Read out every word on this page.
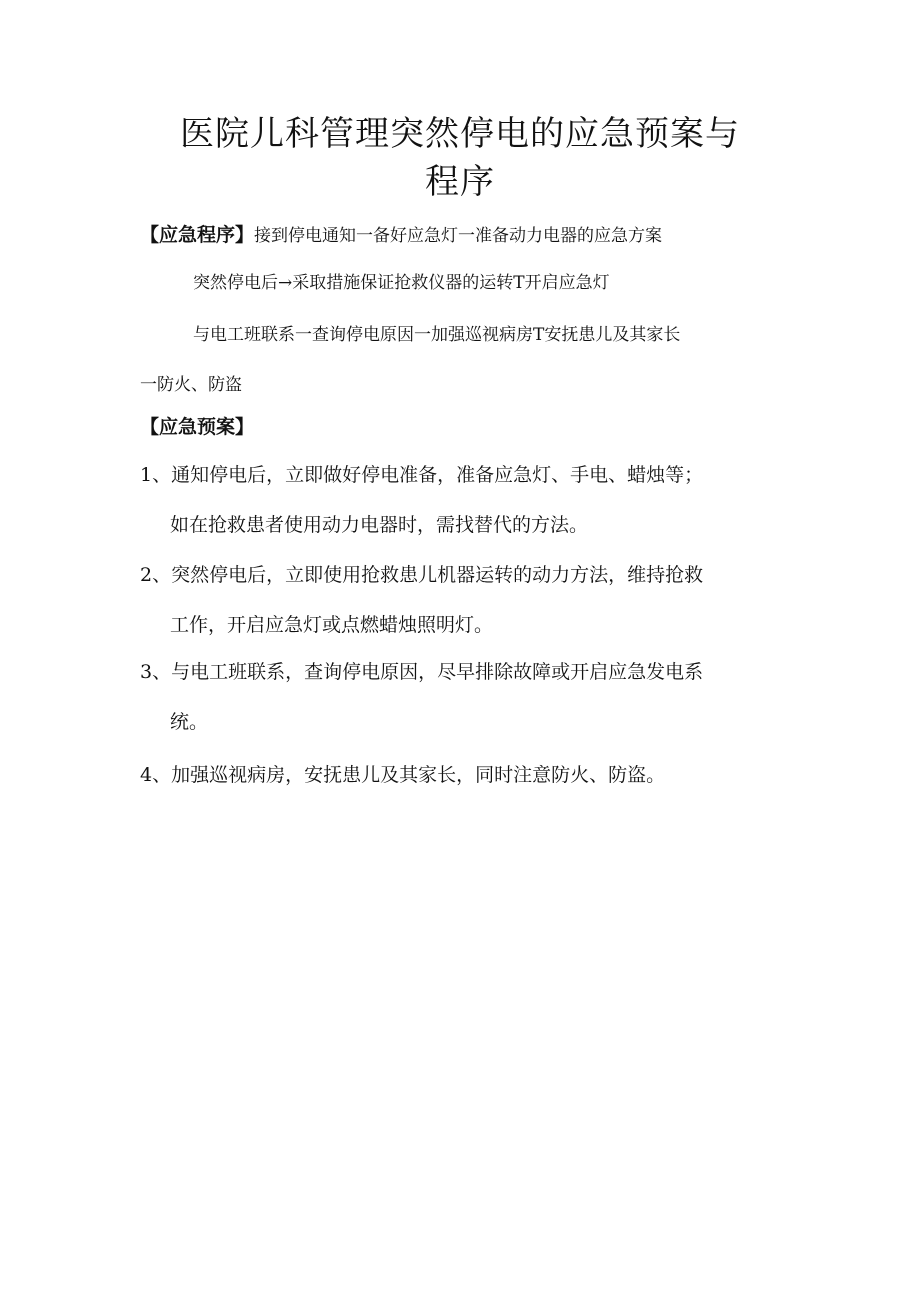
医院儿科管理突然停电的应急预案与
程序
【应急程序】接到停电通知一备好应急灯一准备动力电器的应急方案
突然停电后→采取措施保证抢救仪器的运转T开启应急灯
与电工班联系一查询停电原因一加强巡视病房T安抚患儿及其家长
一防火、防盗
【应急预案】
1、通知停电后，立即做好停电准备，准备应急灯、手电、蜡烛等；
如在抢救患者使用动力电器时，需找替代的方法。
2、突然停电后，立即使用抢救患儿机器运转的动力方法，维持抢救
工作，开启应急灯或点燃蜡烛照明灯。
3、与电工班联系，查询停电原因，尽早排除故障或开启应急发电系
统。
4、加强巡视病房，安抚患儿及其家长，同时注意防火、防盗。
